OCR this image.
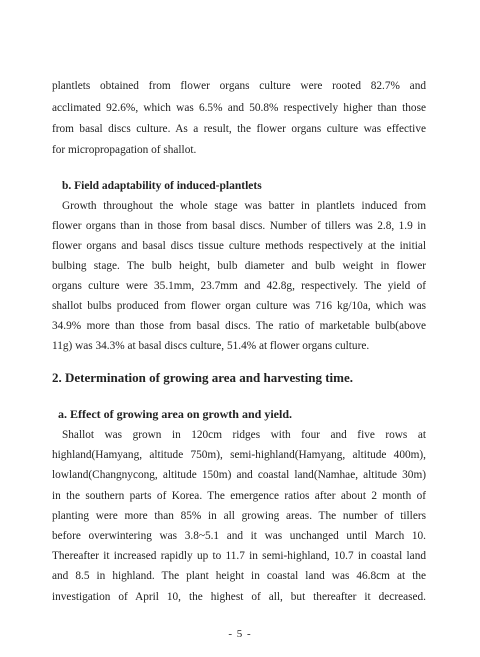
plantlets obtained from flower organs culture were rooted 82.7% and
acclimated 92.6%, which was 6.5% and 50.8% respectively higher than those
from basal discs culture. As a result, the flower organs culture was effective
for micropropagation of shallot.
b. Field adaptability of induced-plantlets
Growth throughout the whole stage was batter in plantlets induced from
flower organs than in those from basal discs. Number of tillers was 2.8, 1.9 in
flower organs and basal discs tissue culture methods respectively at the initial
bulbing stage. The bulb height, bulb diameter and bulb weight in flower
organs culture were 35.1mm, 23.7mm and 42.8g, respectively. The yield of
shallot bulbs produced from flower organ culture was 716 kg/10a, which was
34.9% more than those from basal discs. The ratio of marketable bulb(above
11g) was 34.3% at basal discs culture, 51.4% at flower organs culture.
2. Determination of growing area and harvesting time.
a. Effect of growing area on growth and yield.
Shallot was grown in 120cm ridges with four and five rows at
highland(Hamyang, altitude 750m), semi-highland(Hamyang, altitude 400m),
lowland(Changnycong, altitude 150m) and coastal land(Namhae, altitude 30m)
in the southern parts of Korea. The emergence ratios after about 2 month of
planting were more than 85% in all growing areas. The number of tillers
before overwintering was 3.8~5.1 and it was unchanged until March 10.
Thereafter it increased rapidly up to 11.7 in semi-highland, 10.7 in coastal land
and 8.5 in highland. The plant height in coastal land was 46.8cm at the
investigation of April 10, the highest of all, but thereafter it decreased.
- 5 -
